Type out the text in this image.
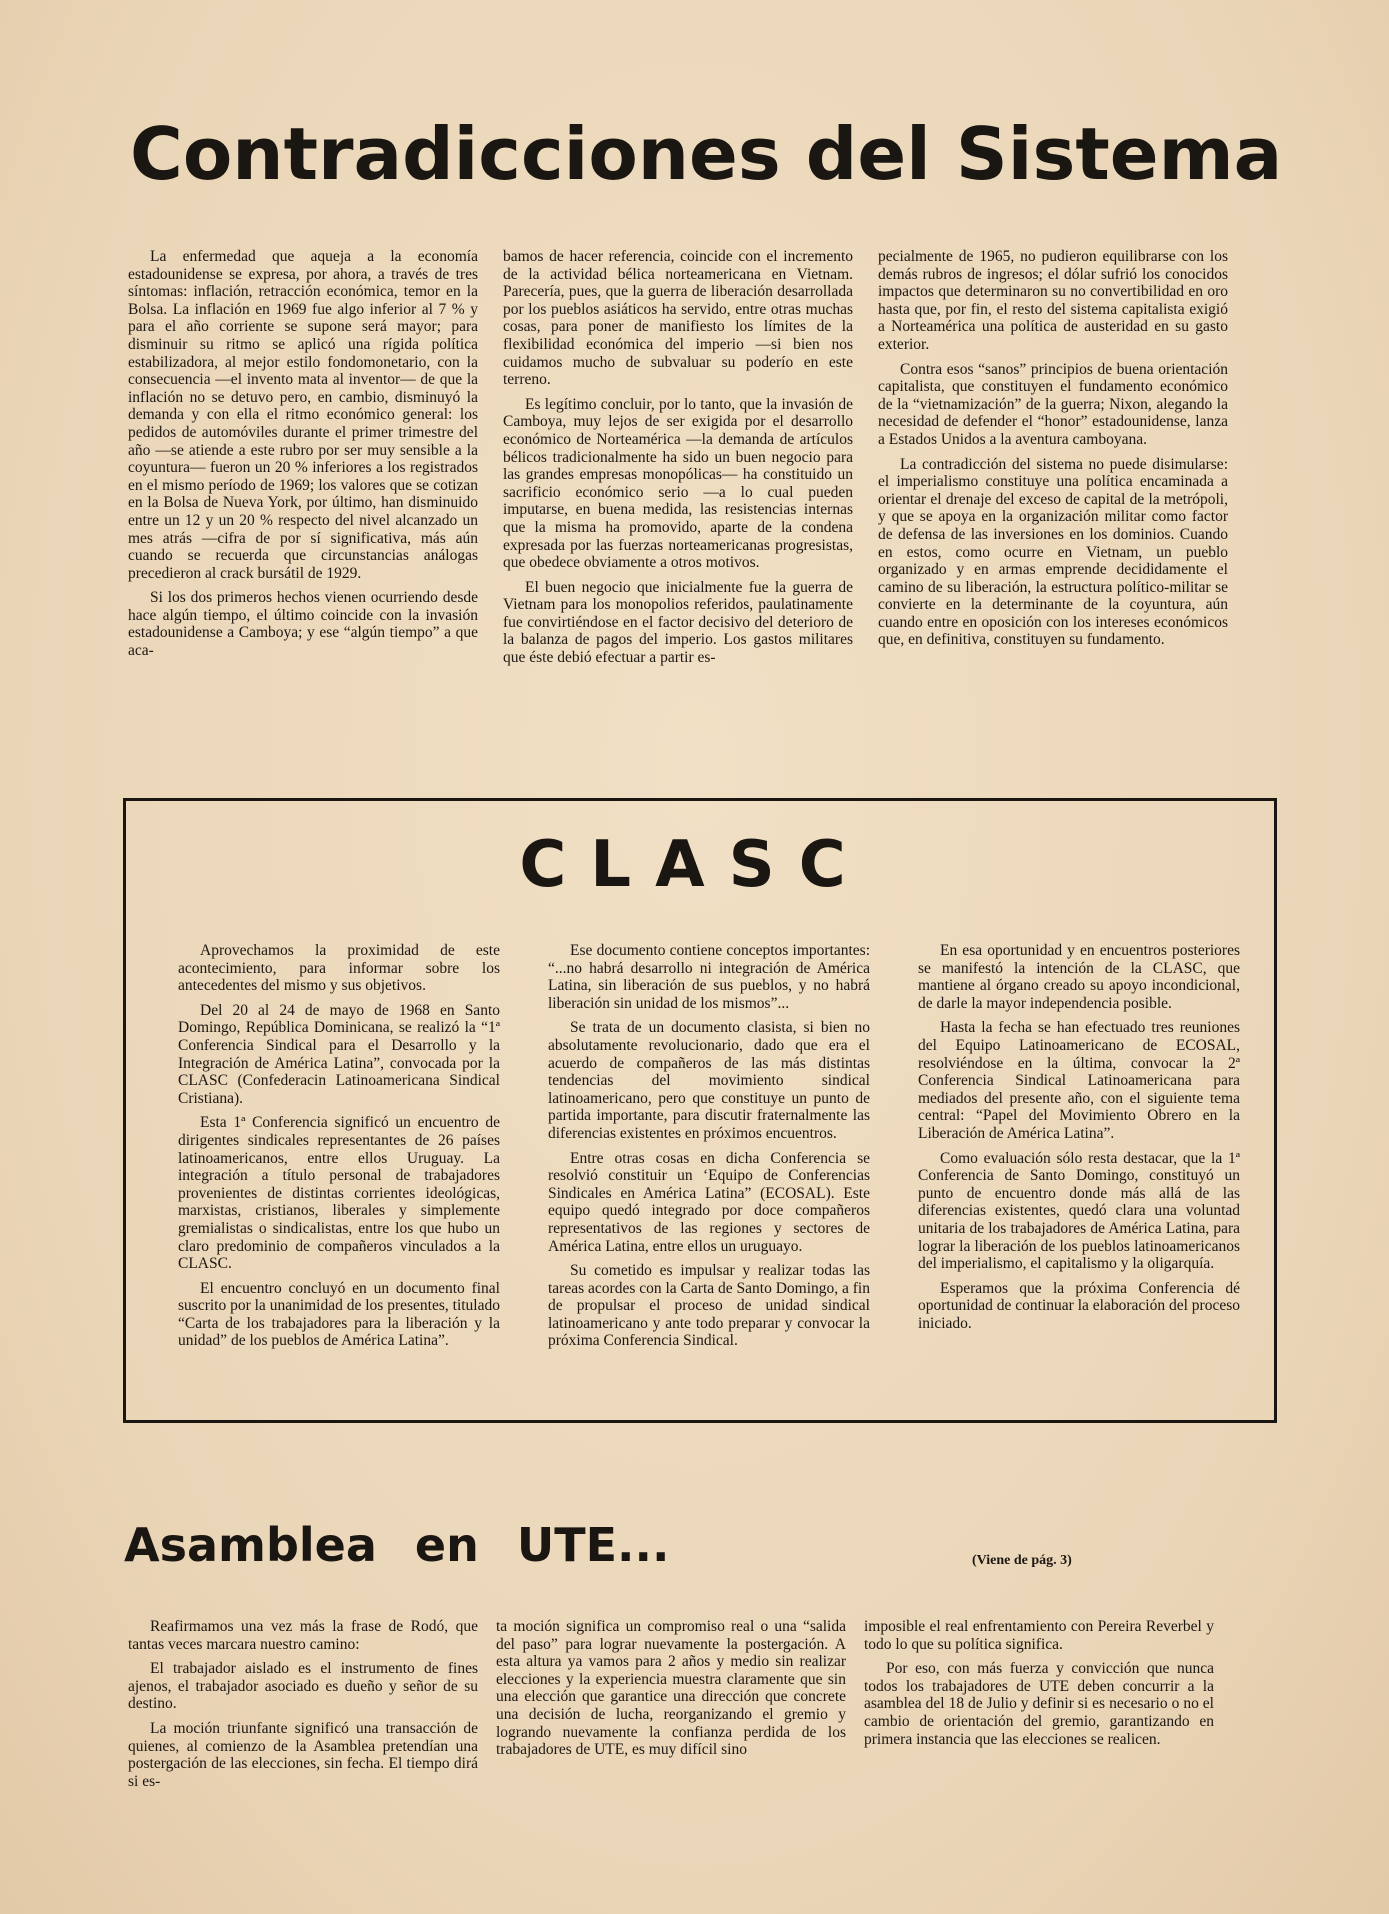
Contradicciones del Sistema

La enfermedad que aqueja a la economía estadounidense se expresa, por ahora, a través de tres síntomas: inflación, retracción económica, temor en la Bolsa. La inflación en 1969 fue algo inferior al 7 % y para el año corriente se supone será mayor; para disminuir su ritmo se aplicó una rígida política estabilizadora, al mejor estilo fondomonetario, con la consecuencia —el invento mata al inventor— de que la inflación no se detuvo pero, en cambio, disminuyó la demanda y con ella el ritmo económico general: los pedidos de automóviles durante el primer trimestre del año —se atiende a este rubro por ser muy sensible a la coyuntura— fueron un 20 % inferiores a los registrados en el mismo período de 1969; los valores que se cotizan en la Bolsa de Nueva York, por último, han disminuido entre un 12 y un 20 % respecto del nivel alcanzado un mes atrás —cifra de por sí significativa, más aún cuando se recuerda que circunstancias análogas precedieron al crack bursátil de 1929.

Si los dos primeros hechos vienen ocurriendo desde hace algún tiempo, el último coincide con la invasión estadounidense a Camboya; y ese “algún tiempo” a que aca-

bamos de hacer referencia, coincide con el incremento de la actividad bélica norteamericana en Vietnam. Parecería, pues, que la guerra de liberación desarrollada por los pueblos asiáticos ha servido, entre otras muchas cosas, para poner de manifiesto los límites de la flexibilidad económica del imperio —si bien nos cuidamos mucho de subvaluar su poderío en este terreno.

Es legítimo concluir, por lo tanto, que la invasión de Camboya, muy lejos de ser exigida por el desarrollo económico de Norteamérica —la demanda de artículos bélicos tradicionalmente ha sido un buen negocio para las grandes empresas monopólicas— ha constituido un sacrificio económico serio —a lo cual pueden imputarse, en buena medida, las resistencias internas que la misma ha promovido, aparte de la condena expresada por las fuerzas norteamericanas progresistas, que obedece obviamente a otros motivos.

El buen negocio que inicialmente fue la guerra de Vietnam para los monopolios referidos, paulatinamente fue convirtiéndose en el factor decisivo del deterioro de la balanza de pagos del imperio. Los gastos militares que éste debió efectuar a partir es-

pecialmente de 1965, no pudieron equilibrarse con los demás rubros de ingresos; el dólar sufrió los conocidos impactos que determinaron su no convertibilidad en oro hasta que, por fin, el resto del sistema capitalista exigió a Norteamérica una política de austeridad en su gasto exterior.

Contra esos “sanos” principios de buena orientación capitalista, que constituyen el fundamento económico de la “vietnamización” de la guerra; Nixon, alegando la necesidad de defender el “honor” estadounidense, lanza a Estados Unidos a la aventura camboyana.

La contradicción del sistema no puede disimularse: el imperialismo constituye una política encaminada a orientar el drenaje del exceso de capital de la metrópoli, y que se apoya en la organización militar como factor de defensa de las inversiones en los dominios. Cuando en estos, como ocurre en Vietnam, un pueblo organizado y en armas emprende decididamente el camino de su liberación, la estructura político-militar se convierte en la determinante de la coyuntura, aún cuando entre en oposición con los intereses económicos que, en definitiva, constituyen su fundamento.

CLASC

Aprovechamos la proximidad de este acontecimiento, para informar sobre los antecedentes del mismo y sus objetivos.

Del 20 al 24 de mayo de 1968 en Santo Domingo, República Dominicana, se realizó la “1ª Conferencia Sindical para el Desarrollo y la Integración de América Latina”, convocada por la CLASC (Confederacin Latinoamericana Sindical Cristiana).

Esta 1ª Conferencia significó un encuentro de dirigentes sindicales representantes de 26 países latinoamericanos, entre ellos Uruguay. La integración a título personal de trabajadores provenientes de distintas corrientes ideológicas, marxistas, cristianos, liberales y simplemente gremialistas o sindicalistas, entre los que hubo un claro predominio de compañeros vinculados a la CLASC.

El encuentro concluyó en un documento final suscrito por la unanimidad de los presentes, titulado “Carta de los trabajadores para la liberación y la unidad” de los pueblos de América Latina”.

Ese documento contiene conceptos importantes: “...no habrá desarrollo ni integración de América Latina, sin liberación de sus pueblos, y no habrá liberación sin unidad de los mismos”...

Se trata de un documento clasista, si bien no absolutamente revolucionario, dado que era el acuerdo de compañeros de las más distintas tendencias del movimiento sindical latinoamericano, pero que constituye un punto de partida importante, para discutir fraternalmente las diferencias existentes en próximos encuentros.

Entre otras cosas en dicha Conferencia se resolvió constituir un ‘Equipo de Conferencias Sindicales en América Latina” (ECOSAL). Este equipo quedó integrado por doce compañeros representativos de las regiones y sectores de América Latina, entre ellos un uruguayo.

Su cometido es impulsar y realizar todas las tareas acordes con la Carta de Santo Domingo, a fin de propulsar el proceso de unidad sindical latinoamericano y ante todo preparar y convocar la próxima Conferencia Sindical.

En esa oportunidad y en encuentros posteriores se manifestó la intención de la CLASC, que mantiene al órgano creado su apoyo incondicional, de darle la mayor independencia posible.

Hasta la fecha se han efectuado tres reuniones del Equipo Latinoamericano de ECOSAL, resolviéndose en la última, convocar la 2ª Conferencia Sindical Latinoamericana para mediados del presente año, con el siguiente tema central: “Papel del Movimiento Obrero en la Liberación de América Latina”.

Como evaluación sólo resta destacar, que la 1ª Conferencia de Santo Domingo, constituyó un punto de encuentro donde más allá de las diferencias existentes, quedó clara una voluntad unitaria de los trabajadores de América Latina, para lograr la liberación de los pueblos latinoamericanos del imperialismo, el capitalismo y la oligarquía.

Esperamos que la próxima Conferencia dé oportunidad de continuar la elaboración del proceso iniciado.

Asamblea en UTE...	(Viene de pág. 3)

Reafirmamos una vez más la frase de Rodó, que tantas veces marcara nuestro camino:

El trabajador aislado es el instrumento de fines ajenos, el trabajador asociado es dueño y señor de su destino.

La moción triunfante significó una transacción de quienes, al comienzo de la Asamblea pretendían una postergación de las elecciones, sin fecha. El tiempo dirá si es-

ta moción significa un compromiso real o una “salida del paso” para lograr nuevamente la postergación. A esta altura ya vamos para 2 años y medio sin realizar elecciones y la experiencia muestra claramente que sin una elección que garantice una dirección que concrete una decisión de lucha, reorganizando el gremio y logrando nuevamente la confianza perdida de los trabajadores de UTE, es muy difícil sino

imposible el real enfrentamiento con Pereira Reverbel y todo lo que su política significa.

Por eso, con más fuerza y convicción que nunca todos los trabajadores de UTE deben concurrir a la asamblea del 18 de Julio y definir si es necesario o no el cambio de orientación del gremio, garantizando en primera instancia que las elecciones se realicen.
